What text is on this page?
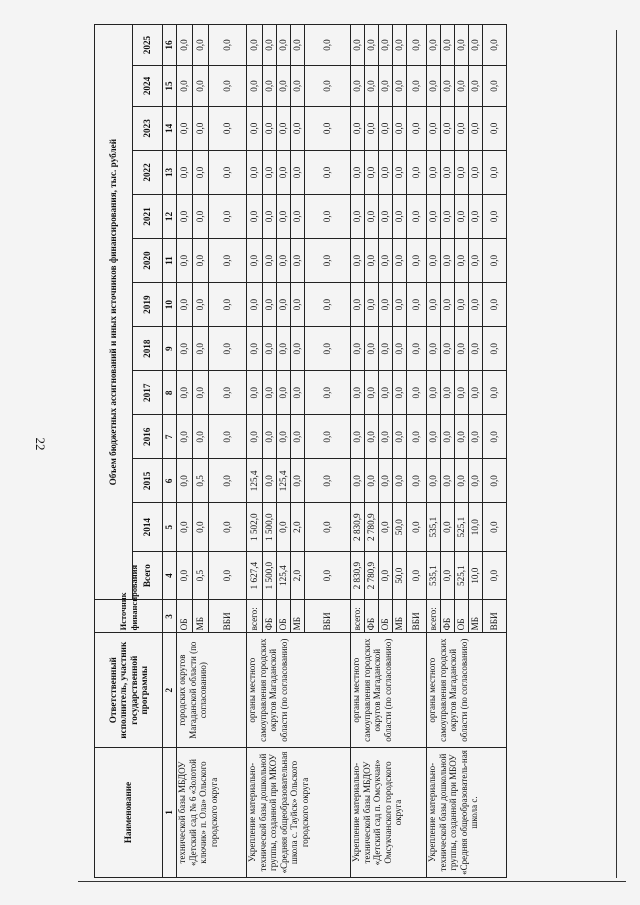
22
Наименование	Ответственный исполнитель, участник государственной программы	Источник финансирования	Объем бюджетных ассигнований и иных источников финансирования, тыс. рублей												
			Всего	2014	2015	2016	2017	2018	2019	2020	2021	2022	2023	2024	2025
1	2	3	4	5	6	7	8	9	10	11	12	13	14	15	16
технической базы МБДОУ «Детский сад № 6 «Золотой ключик» п. Ола» Ольского городского округа	городских округов Магаданской области (по согласованию)	ОБ	0,0	0,0	0,0	0,0	0,0	0,0	0,0	0,0	0,0	0,0	0,0	0,0	0,0
		МБ	0,5	0,0	0,5	0,0	0,0	0,0	0,0	0,0	0,0	0,0	0,0	0,0	0,0
		ВБИ	0,0	0,0	0,0	0,0	0,0	0,0	0,0	0,0	0,0	0,0	0,0	0,0	0,0
Укрепление материально-технической базы дошкольной группы, созданной при МКОУ «Средняя общеобразовательная школа с. Тауйск» Ольского городского округа	органы местного самоуправления городских округов Магаданской области (по согласованию)	всего:	1 627,4	1 502,0	125,4	0,0	0,0	0,0	0,0	0,0	0,0	0,0	0,0	0,0	0,0
		ФБ	1 500,0	1 500,0	0,0	0,0	0,0	0,0	0,0	0,0	0,0	0,0	0,0	0,0	0,0
		ОБ	125,4	0,0	125,4	0,0	0,0	0,0	0,0	0,0	0,0	0,0	0,0	0,0	0,0
		МБ	2,0	2,0	0,0	0,0	0,0	0,0	0,0	0,0	0,0	0,0	0,0	0,0	0,0
		ВБИ	0,0	0,0	0,0	0,0	0,0	0,0	0,0	0,0	0,0	0,0	0,0	0,0	0,0
Укрепление материально-технической базы МБДОУ «Детский сад п. Омсукчан» Омсукчанского городского округа	органы местного самоуправления городских округов Магаданской области (по согласованию)	всего:	2 830,9	2 830,9	0,0	0,0	0,0	0,0	0,0	0,0	0,0	0,0	0,0	0,0	0,0
		ФБ	2 780,9	2 780,9	0,0	0,0	0,0	0,0	0,0	0,0	0,0	0,0	0,0	0,0	0,0
		ОБ	0,0	0,0	0,0	0,0	0,0	0,0	0,0	0,0	0,0	0,0	0,0	0,0	0,0
		МБ	50,0	50,0	0,0	0,0	0,0	0,0	0,0	0,0	0,0	0,0	0,0	0,0	0,0
		ВБИ	0,0	0,0	0,0	0,0	0,0	0,0	0,0	0,0	0,0	0,0	0,0	0,0	0,0
Укрепление материально-технической базы дошкольной группы, созданной при МБОУ «Средняя общеобразователь-ная школа с.	органы местного самоуправления городских округов Магаданской области (по согласованию)	всего:	535,1	535,1	0,0	0,0	0,0	0,0	0,0	0,0	0,0	0,0	0,0	0,0	0,0
		ФБ	0,0	0,0	0,0	0,0	0,0	0,0	0,0	0,0	0,0	0,0	0,0	0,0	0,0
		ОБ	525,1	525,1	0,0	0,0	0,0	0,0	0,0	0,0	0,0	0,0	0,0	0,0	0,0
		МБ	10,0	10,0	0,0	0,0	0,0	0,0	0,0	0,0	0,0	0,0	0,0	0,0	0,0
		ВБИ	0,0	0,0	0,0	0,0	0,0	0,0	0,0	0,0	0,0	0,0	0,0	0,0	0,0
